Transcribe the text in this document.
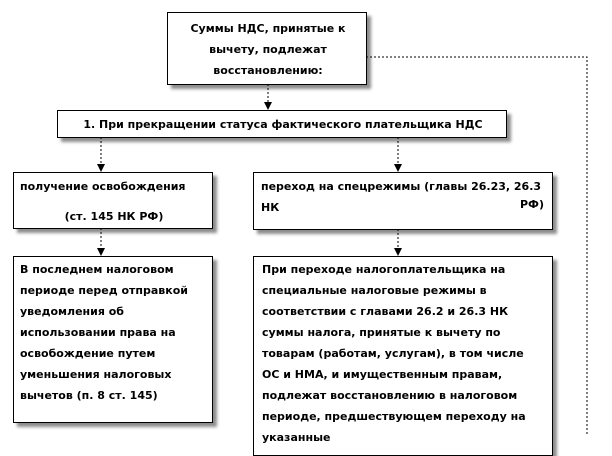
Суммы НДС, принятые к вычету, подлежат восстановлению:
1. При прекращении статуса фактического плательщика НДС
получение освобождения
(ст. 145 НК РФ)
переход на спецрежимы (главы 26.23, 26.3 НК	РФ)
В последнем налоговом периоде перед отправкой уведомления об использовании права на освобождение путем уменьшения налоговых вычетов (п. 8 ст. 145)
При переходе налогоплательщика на специальные налоговые режимы в соответствии с главами 26.2 и 26.3 НК суммы налога, принятые к вычету по товарам (работам, услугам), в том числе ОС и НМА, и имущественным правам, подлежат восстановлению в налоговом периоде, предшествующем переходу на указанные
